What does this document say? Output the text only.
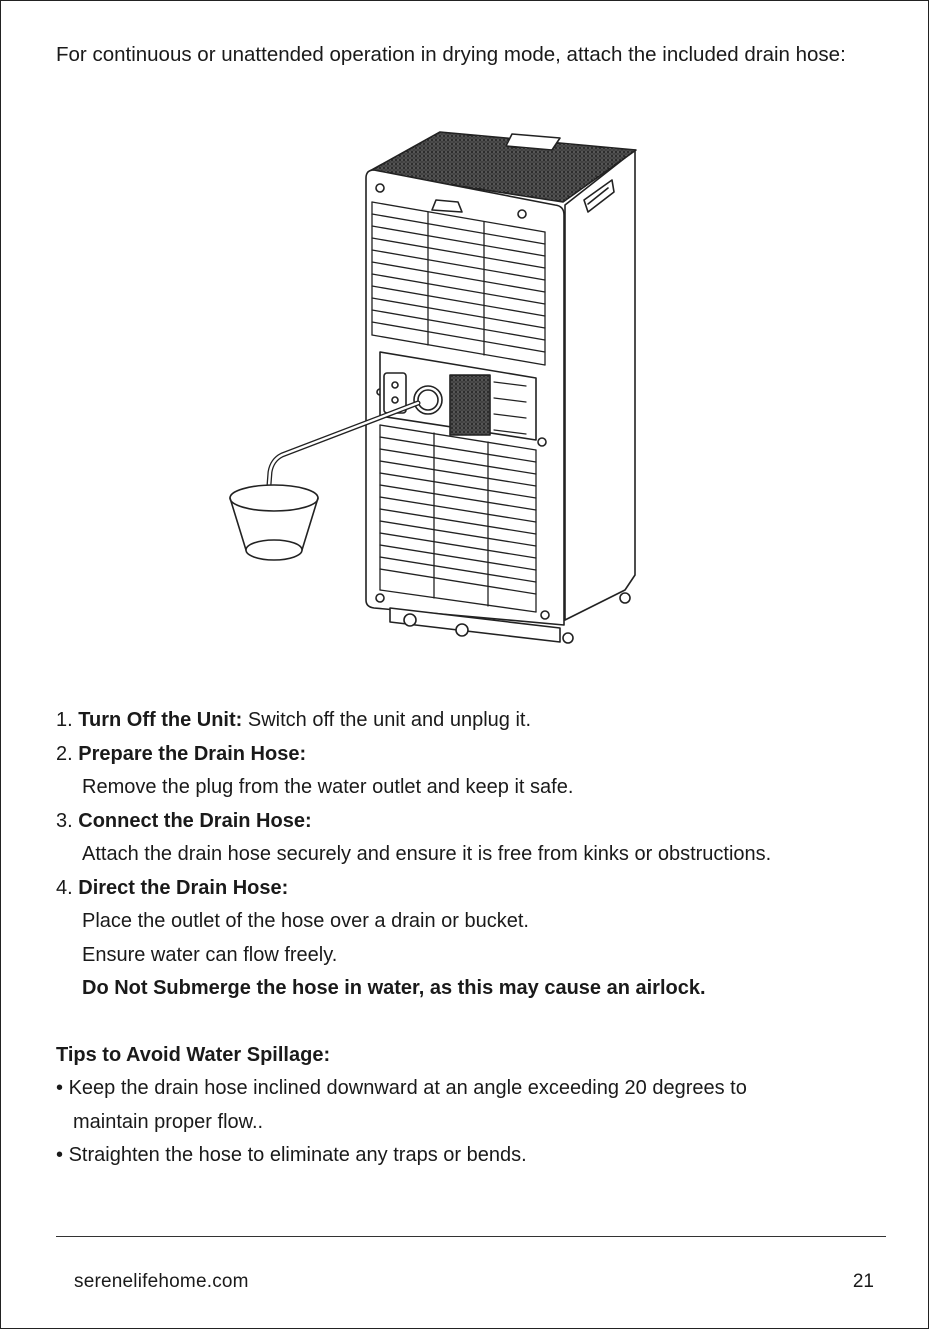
For continuous or unattended operation in drying mode, attach the included drain hose:

1. Turn Off the Unit: Switch off the unit and unplug it.
2. Prepare the Drain Hose:
Remove the plug from the water outlet and keep it safe.
3. Connect the Drain Hose:
Attach the drain hose securely and ensure it is free from kinks or obstructions.
4. Direct the Drain Hose:
Place the outlet of the hose over a drain or bucket.
Ensure water can flow freely.
Do Not Submerge the hose in water, as this may cause an airlock.
Tips to Avoid Water Spillage:
• Keep the drain hose inclined downward at an angle exceeding 20 degrees to
maintain proper flow..
• Straighten the hose to eliminate any traps or bends.
serenelifehome.com	21
